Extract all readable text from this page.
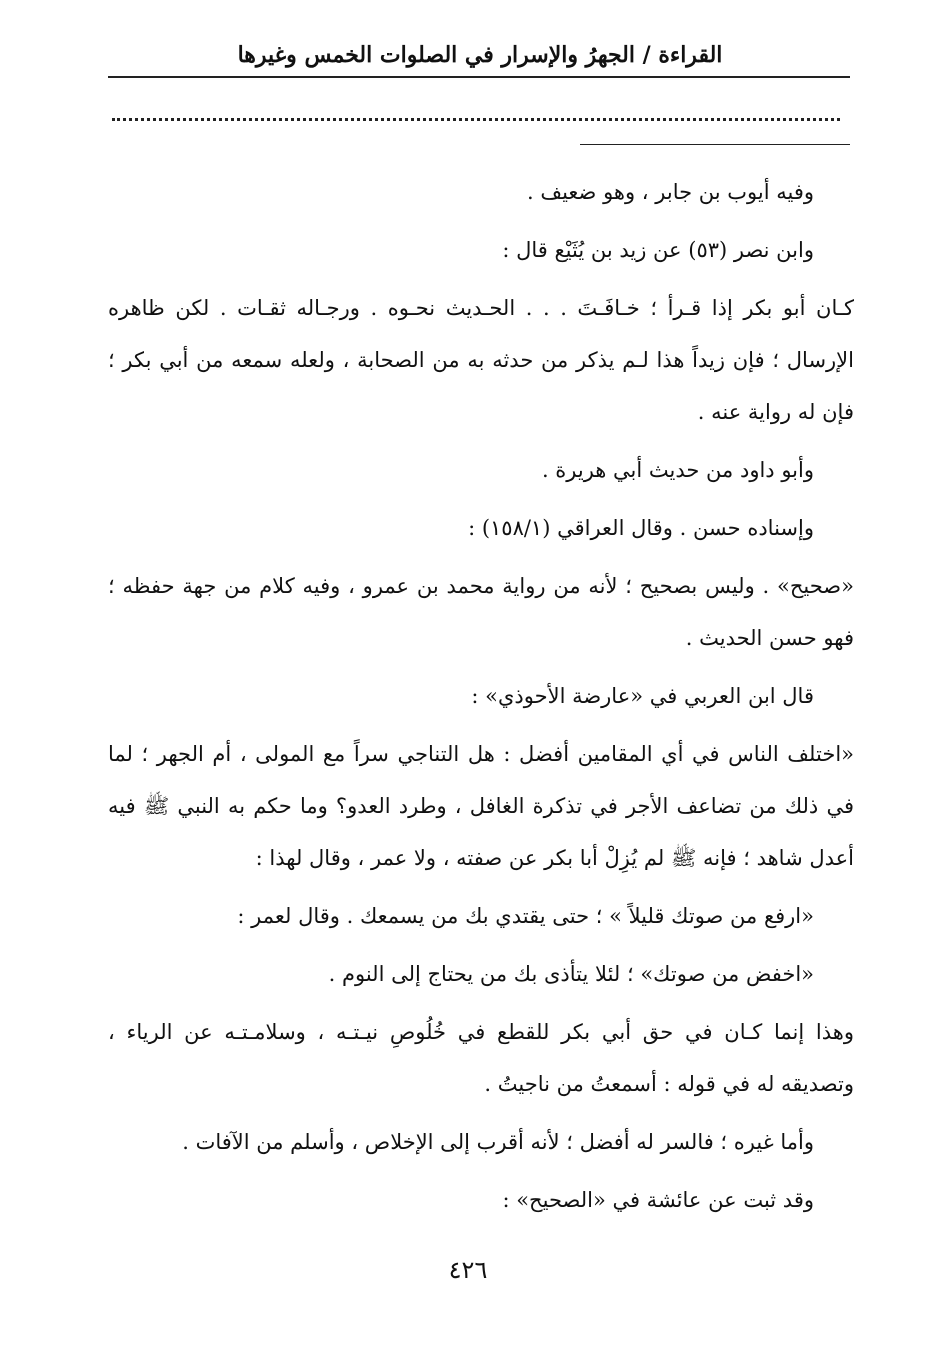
القراءة / الجهرُ والإسرار في الصلوات الخمس وغيرها

وفيه أيوب بن جابر ، وهو ضعيف .

وابن نصر (٥٣) عن زيد بن يُثَيْع قال :

كـان أبو بكر إذا قـرأ ؛ خـافَـتَ . . . الحـديث نحـوه . ورجـاله ثقـات . لكن ظاهره الإرسال ؛ فإن زيداً هذا لـم يذكر من حدثه به من الصحابة ، ولعله سمعه من أبي بكر ؛ فإن له رواية عنه .

وأبو داود من حديث أبي هريرة .

وإسناده حسن . وقال العراقي (١٥٨/١) :

«صحيح» . وليس بصحيح ؛ لأنه من رواية محمد بن عمرو ، وفيه كلام من جهة حفظه ؛ فهو حسن الحديث .

قال ابن العربي في «عارضة الأحوذي» :

«اختلف الناس في أي المقامين أفضل : هل التناجي سراً مع المولى ، أم الجهر ؛ لما في ذلك من تضاعف الأجر في تذكرة الغافل ، وطرد العدو؟ وما حكم به النبي ﷺ فيه أعدل شاهد ؛ فإنه ﷺ لم يُزِلْ أبا بكر عن صفته ، ولا عمر ، وقال لهذا :

«ارفع من صوتك قليلاً » ؛ حتى يقتدي بك من يسمعك . وقال لعمر :

«اخفض من صوتك» ؛ لئلا يتأذى بك من يحتاج إلى النوم .

وهذا إنما كـان في حق أبي بكر للقطع في خُلُوصِ نيـتـه ، وسلامـتـه عن الرياء ، وتصديقه له في قوله : أسمعتُ من ناجيتُ .

وأما غيره ؛ فالسر له أفضل ؛ لأنه أقرب إلى الإخلاص ، وأسلم من الآفات .

وقد ثبت عن عائشة في «الصحيح» :

٤٢٦
